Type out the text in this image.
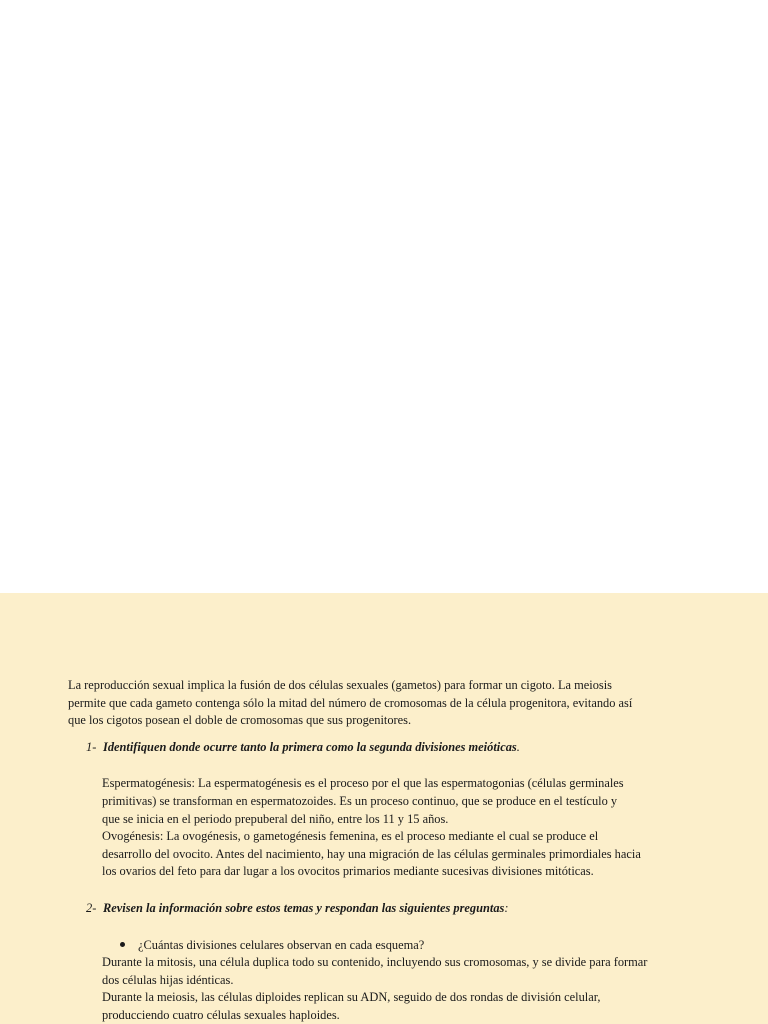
La reproducción sexual implica la fusión de dos células sexuales (gametos) para formar un cigoto. La meiosis

permite que cada gameto contenga sólo la mitad del número de cromosomas de la célula progenitora, evitando así

que los cigotos posean el doble de cromosomas que sus progenitores.

1- Identifiquen donde ocurre tanto la primera como la segunda divisiones meióticas.

Espermatogénesis: La espermatogénesis es el proceso por el que las espermatogonias (células germinales

primitivas) se transforman en espermatozoides. Es un proceso continuo, que se produce en el testículo y

que se inicia en el periodo prepuberal del niño, entre los 11 y 15 años.

Ovogénesis: La ovogénesis, o gametogénesis femenina, es el proceso mediante el cual se produce el

desarrollo del ovocito. Antes del nacimiento, hay una migración de las células germinales primordiales hacia

los ovarios del feto para dar lugar a los ovocitos primarios mediante sucesivas divisiones mitóticas.

2- Revisen la información sobre estos temas y respondan las siguientes preguntas:
¿Cuántas divisiones celulares observan en cada esquema?

Durante la mitosis, una célula duplica todo su contenido, incluyendo sus cromosomas, y se divide para formar

dos células hijas idénticas.

Durante la meiosis, las células diploides replican su ADN, seguido de dos rondas de división celular,

producciendo cuatro células sexuales haploides.
